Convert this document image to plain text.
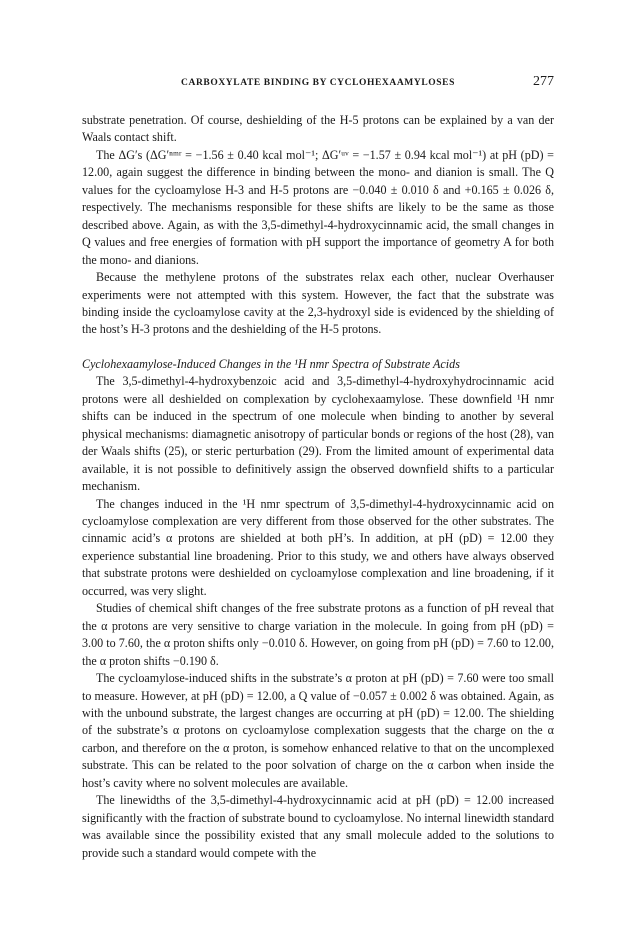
CARBOXYLATE BINDING BY CYCLOHEXAAMYLOSES	277

substrate penetration. Of course, deshielding of the H-5 protons can be explained by a van der Waals contact shift.

The ΔG′s (ΔG′ⁿᵐʳ = −1.56 ± 0.40 kcal mol⁻¹; ΔG′ᵘᵛ = −1.57 ± 0.94 kcal mol⁻¹) at pH (pD) = 12.00, again suggest the difference in binding between the mono- and dianion is small. The Q values for the cycloamylose H-3 and H-5 protons are −0.040 ± 0.010 δ and +0.165 ± 0.026 δ, respectively. The mechanisms responsible for these shifts are likely to be the same as those described above. Again, as with the 3,5-dimethyl-4-hydroxycinnamic acid, the small changes in Q values and free energies of formation with pH support the importance of geometry A for both the mono- and dianions.

Because the methylene protons of the substrates relax each other, nuclear Overhauser experiments were not attempted with this system. However, the fact that the substrate was binding inside the cycloamylose cavity at the 2,3-hydroxyl side is evidenced by the shielding of the host’s H-3 protons and the deshielding of the H-5 protons.

Cyclohexaamylose-Induced Changes in the ¹H nmr Spectra of Substrate Acids

The 3,5-dimethyl-4-hydroxybenzoic acid and 3,5-dimethyl-4-hydroxyhydrocinnamic acid protons were all deshielded on complexation by cyclohexaamylose. These downfield ¹H nmr shifts can be induced in the spectrum of one molecule when binding to another by several physical mechanisms: diamagnetic anisotropy of particular bonds or regions of the host (28), van der Waals shifts (25), or steric perturbation (29). From the limited amount of experimental data available, it is not possible to definitively assign the observed downfield shifts to a particular mechanism.

The changes induced in the ¹H nmr spectrum of 3,5-dimethyl-4-hydroxycinnamic acid on cycloamylose complexation are very different from those observed for the other substrates. The cinnamic acid’s α protons are shielded at both pH’s. In addition, at pH (pD) = 12.00 they experience substantial line broadening. Prior to this study, we and others have always observed that substrate protons were deshielded on cycloamylose complexation and line broadening, if it occurred, was very slight.

Studies of chemical shift changes of the free substrate protons as a function of pH reveal that the α protons are very sensitive to charge variation in the molecule. In going from pH (pD) = 3.00 to 7.60, the α proton shifts only −0.010 δ. However, on going from pH (pD) = 7.60 to 12.00, the α proton shifts −0.190 δ.

The cycloamylose-induced shifts in the substrate’s α proton at pH (pD) = 7.60 were too small to measure. However, at pH (pD) = 12.00, a Q value of −0.057 ± 0.002 δ was obtained. Again, as with the unbound substrate, the largest changes are occurring at pH (pD) = 12.00. The shielding of the substrate’s α protons on cycloamylose complexation suggests that the charge on the α carbon, and therefore on the α proton, is somehow enhanced relative to that on the uncomplexed substrate. This can be related to the poor solvation of charge on the α carbon when inside the host’s cavity where no solvent molecules are available.

The linewidths of the 3,5-dimethyl-4-hydroxycinnamic acid at pH (pD) = 12.00 increased significantly with the fraction of substrate bound to cycloamylose. No internal linewidth standard was available since the possibility existed that any small molecule added to the solutions to provide such a standard would compete with the
